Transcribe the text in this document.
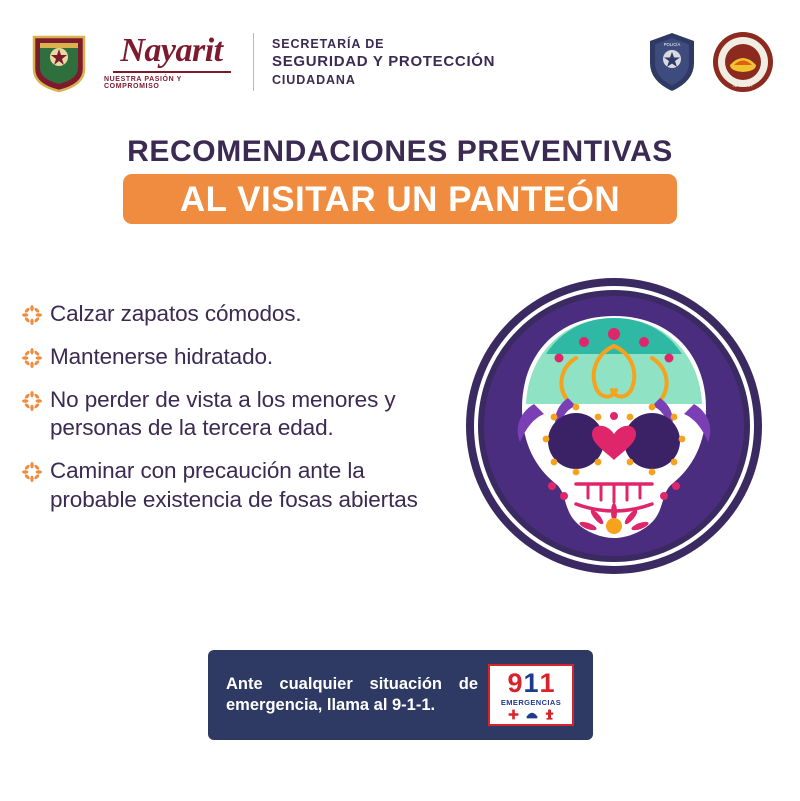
Nayarit
NUESTRA PASIÓN Y COMPROMISO
SECRETARÍA DE
SEGURIDAD Y PROTECCIÓN
CIUDADANA
POLICÍA
NAYARIT
RECOMENDACIONES PREVENTIVAS
AL VISITAR UN PANTEÓN
Calzar zapatos cómodos.
Mantenerse hidratado.
No perder de vista a los menores y personas de la tercera edad.
Caminar con precaución ante la probable existencia de fosas abiertas
Ante cualquier situación de emergencia, llama al 9-1-1.
9 1 1
EMERGENCIAS
